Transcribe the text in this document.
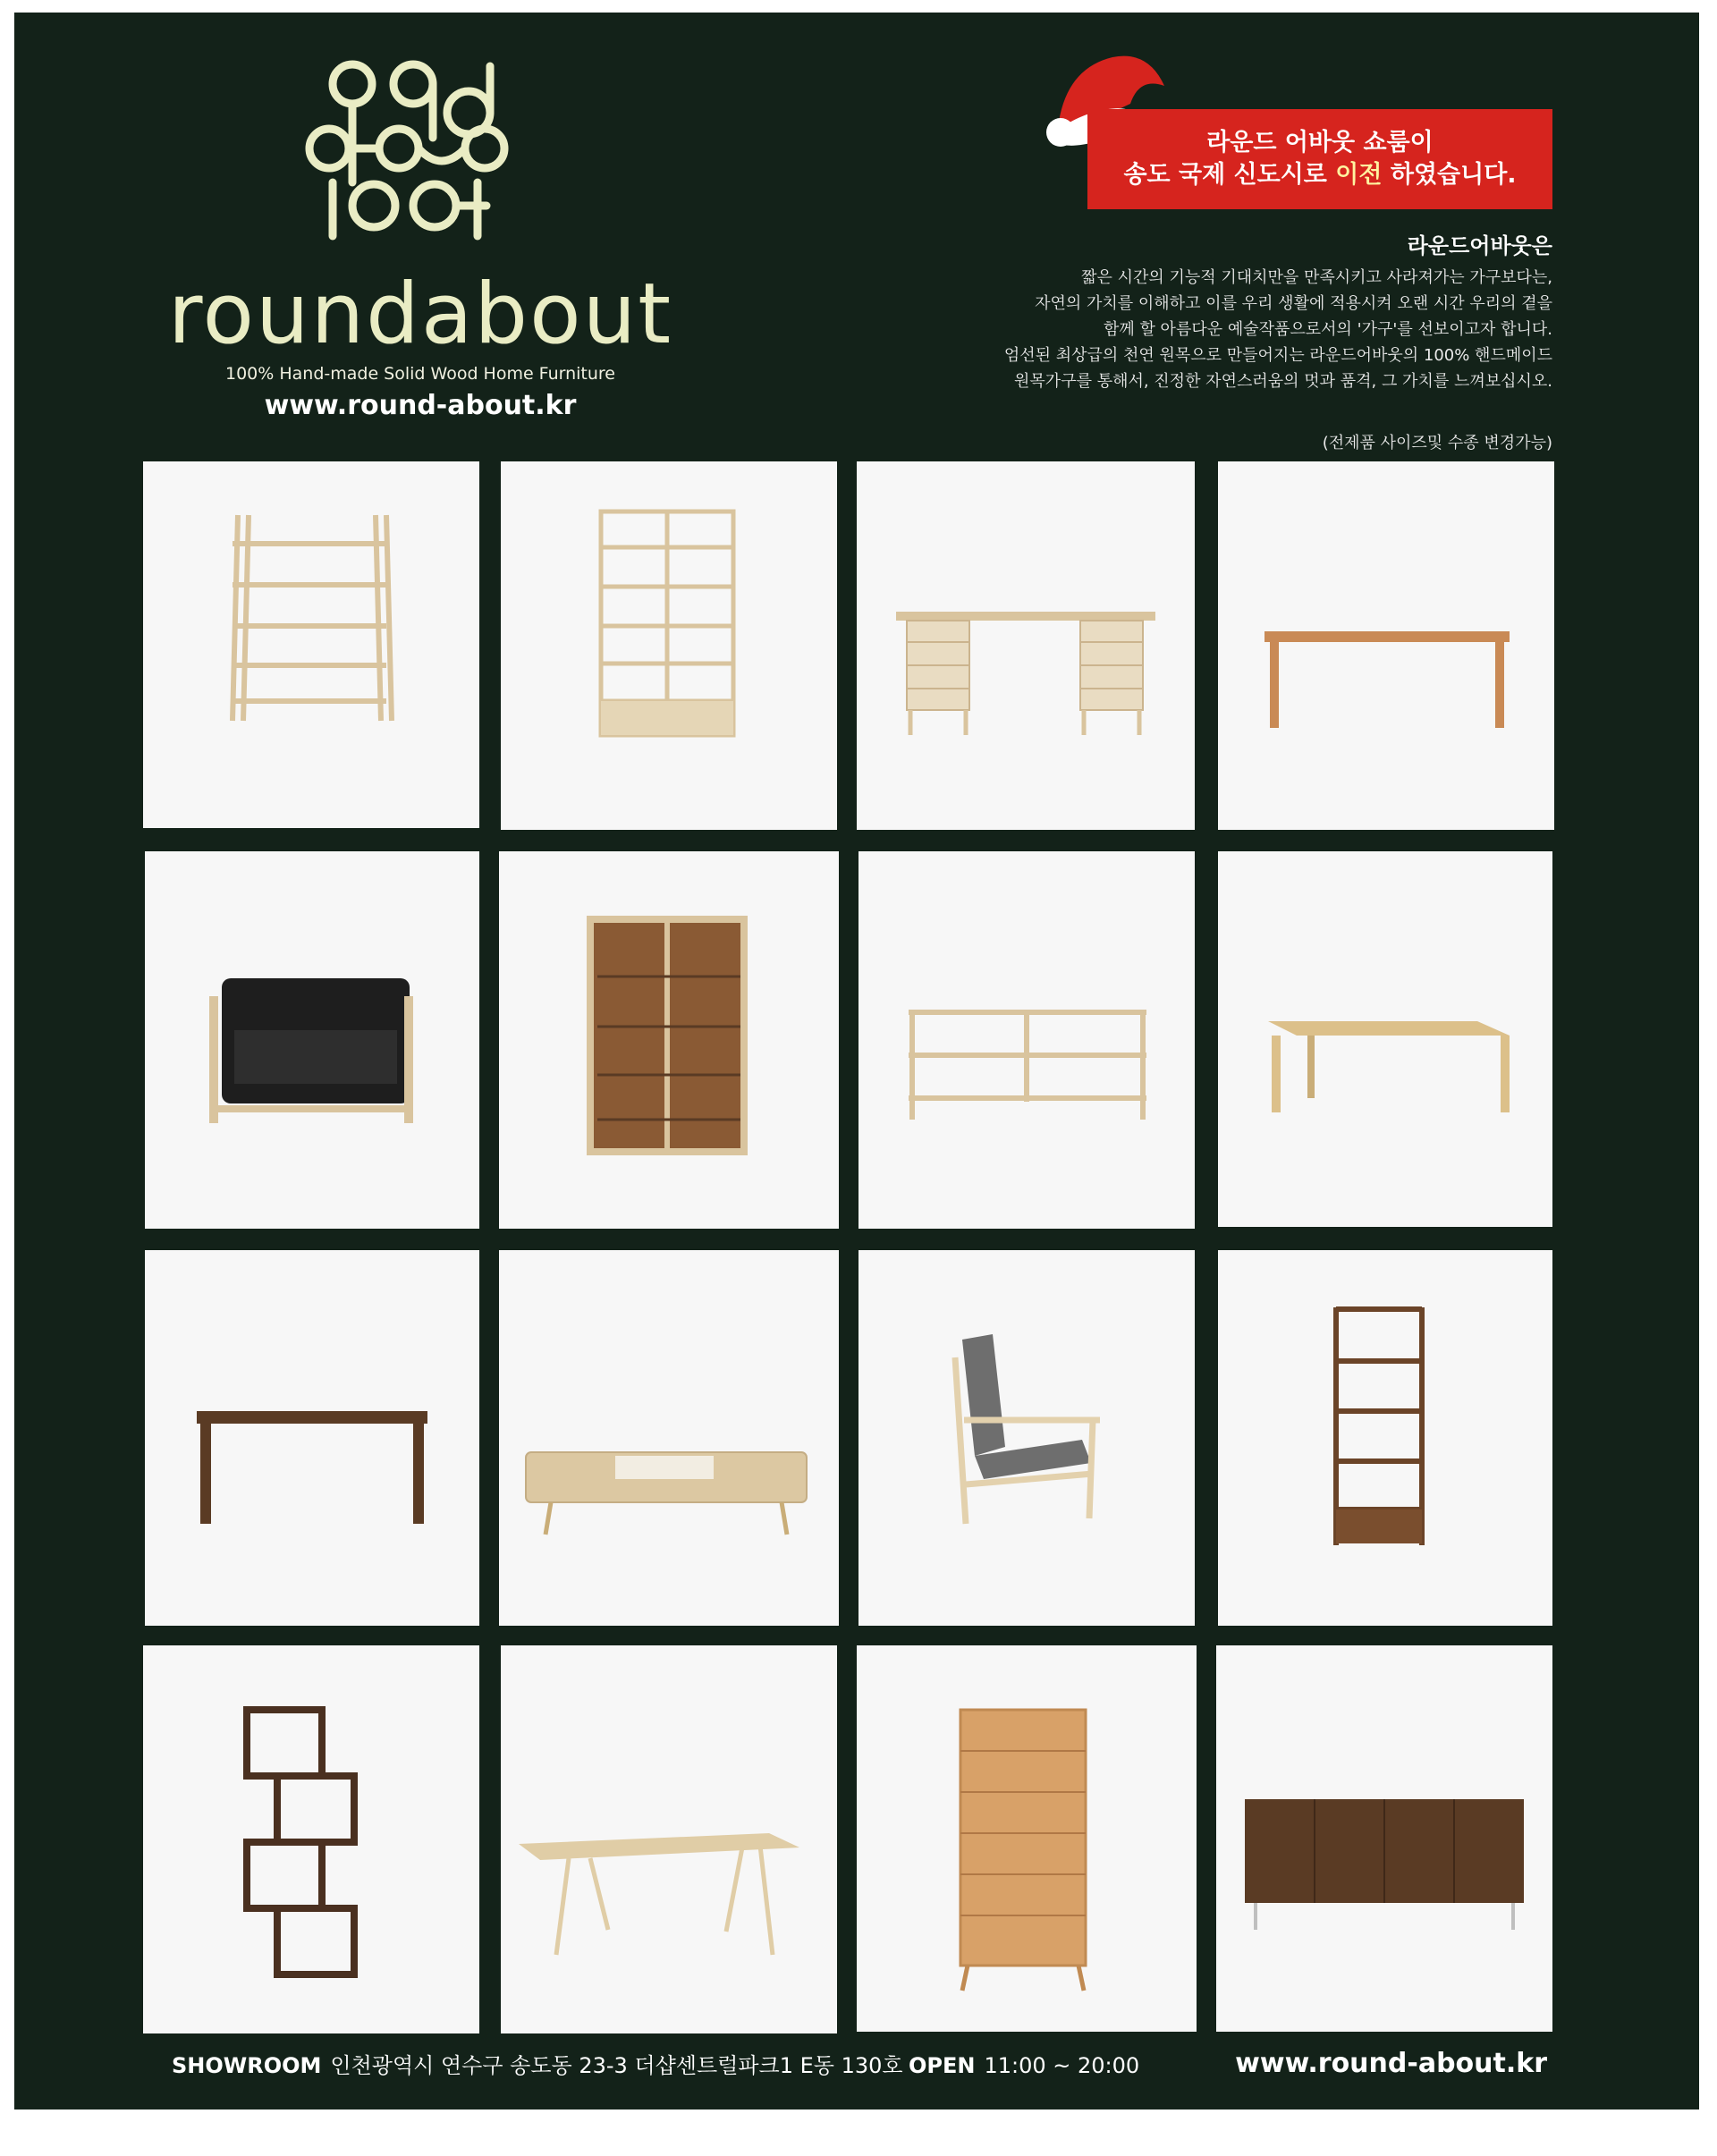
roundabout
100% Hand-made Solid Wood Home Furniture
www.round-about.kr
라운드 어바웃 쇼룸이
송도 국제 신도시로 이전 하였습니다.
라운드어바웃은

짧은 시간의 기능적 기대치만을 만족시키고 사라져가는 가구보다는,

자연의 가치를 이해하고 이를 우리 생활에 적용시켜 오랜 시간 우리의 곁을

함께 할 아름다운 예술작품으로서의 '가구'를 선보이고자 합니다.

엄선된 최상급의 천연 원목으로 만들어지는 라운드어바웃의 100% 핸드메이드

원목가구를 통해서, 진정한 자연스러움의 멋과 품격, 그 가치를 느껴보십시오.

(전제품 사이즈및 수종 변경가능)
SHOWROOM 인천광역시 연수구 송도동 23-3 더샵센트럴파크1 E동 130호 OPEN 11:00 ~ 20:00	www.round-about.kr
